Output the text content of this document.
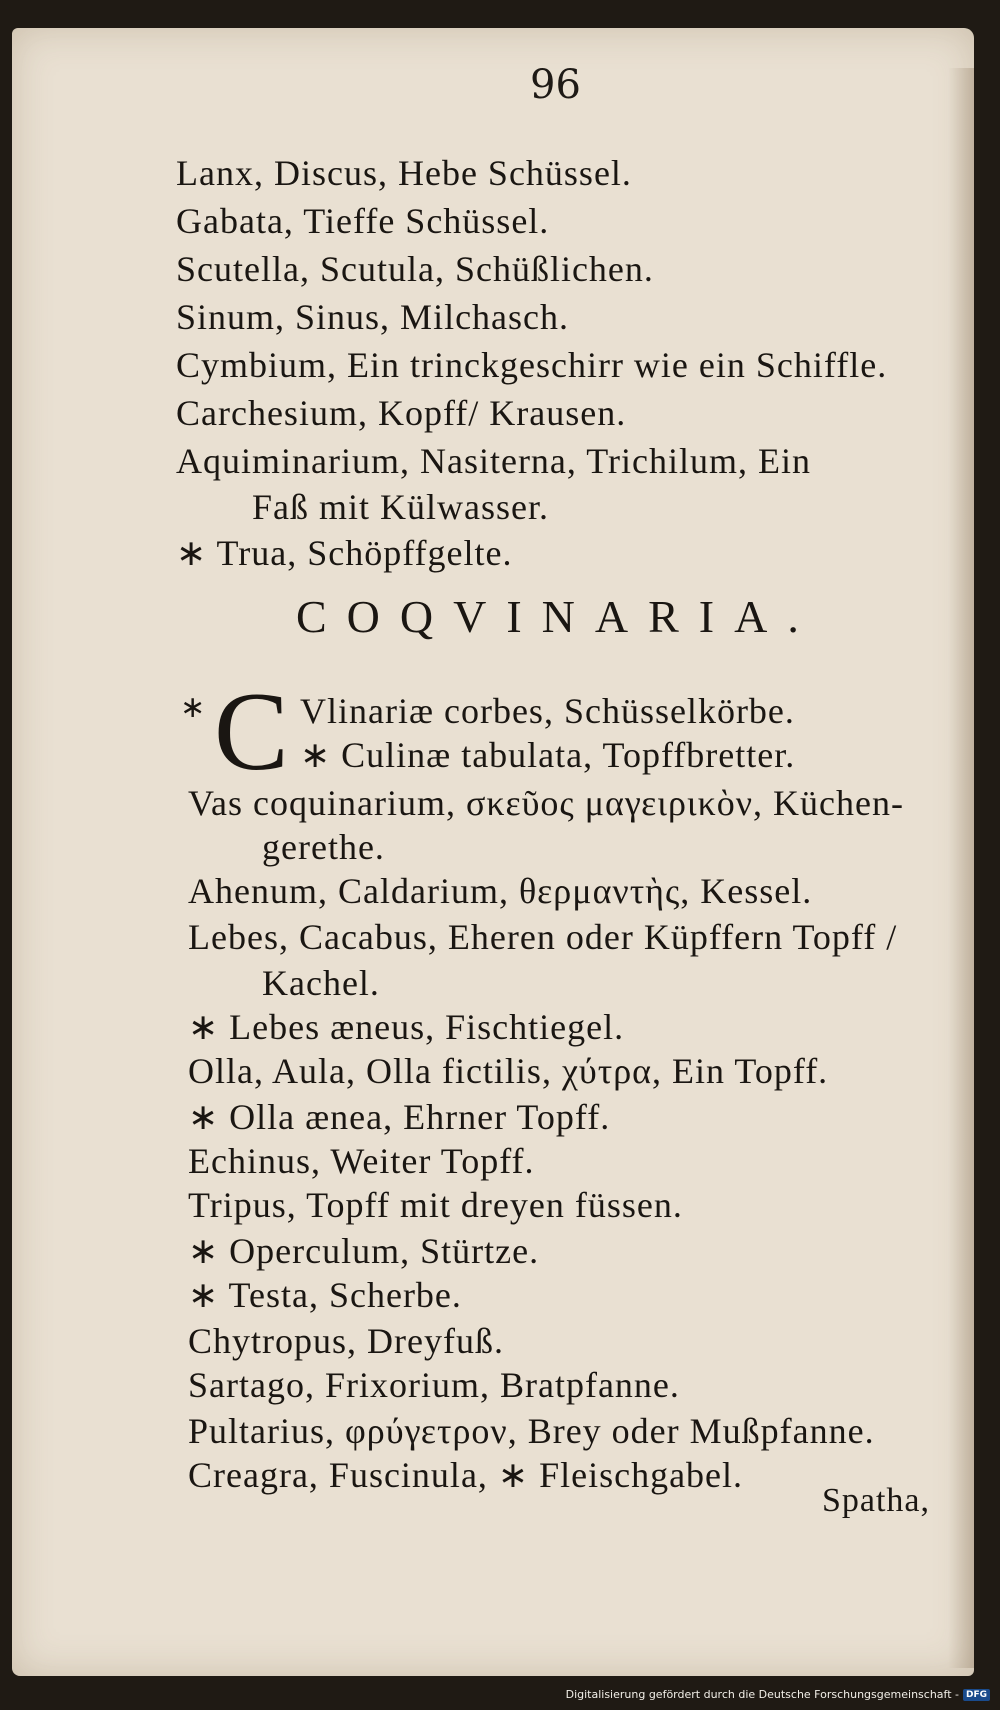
96
Lanx, Discus, Hebe Schüssel.
Gabata, Tieffe Schüssel.
Scutella, Scutula, Schüßlichen.
Sinum, Sinus, Milchasch.
Cymbium, Ein trinckgeschirr wie ein Schiffle.
Carchesium, Kopff/ Krausen.
Aquiminarium, Nasiterna, Trichilum, Ein
Faß mit Külwasser.
∗ Trua, Schöpffgelte.
COQVINARIA.
∗ C Vlinariæ corbes, Schüsselkörbe.
∗ Culinæ tabulata, Topffbretter.
Vas coquinarium, σκεῦος μαγειρικὸν, Küchen-
gerethe.
Ahenum, Caldarium, θερμαντὴς, Kessel.
Lebes, Cacabus, Eheren oder Küpffern Topff /
Kachel.
∗ Lebes æneus, Fischtiegel.
Olla, Aula, Olla fictilis, χύτρα, Ein Topff.
∗ Olla ænea, Ehrner Topff.
Echinus, Weiter Topff.
Tripus, Topff mit dreyen füssen.
∗ Operculum, Stürtze.
∗ Testa, Scherbe.
Chytropus, Dreyfuß.
Sartago, Frixorium, Bratpfanne.
Pultarius, φρύγετρον, Brey oder Mußpfanne.
Creagra, Fuscinula, ∗ Fleischgabel.
Spatha,
Digitalisierung gefördert durch die Deutsche Forschungsgemeinschaft - DFG
